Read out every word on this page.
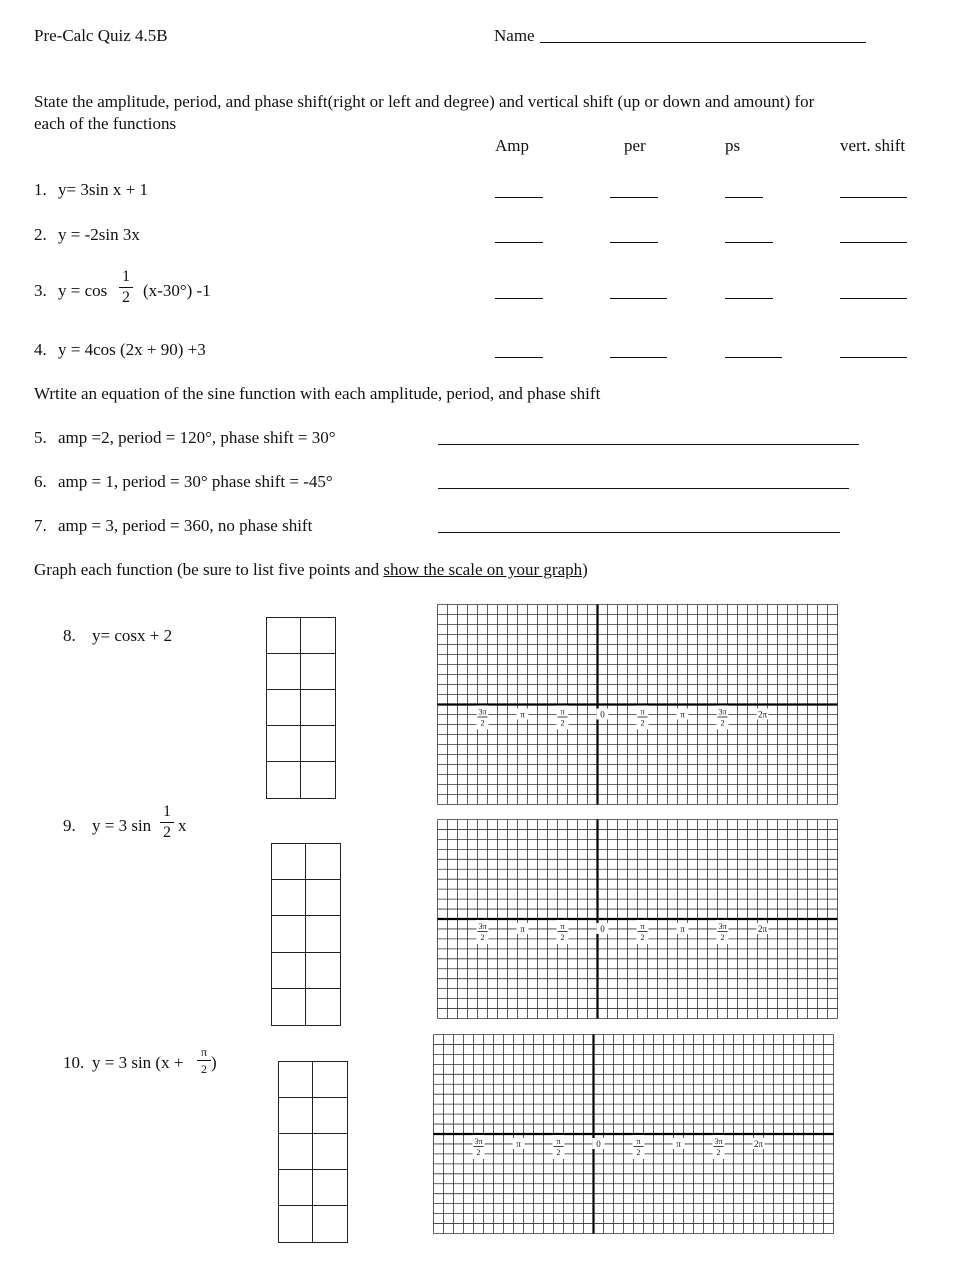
Pre-Calc Quiz 4.5B	Name
State the amplitude, period, and phase shift(right or left and degree) and vertical shift (up or down and amount) for
each of the functions
Amp	per	ps	vert. shift
1. y= 3sin x + 1
2. y = -2sin 3x
3. y = cos
1
2 (x-30°) -1
4. y = 4cos (2x + 90) +3
Wrtite an equation of the sine function with each amplitude, period, and phase shift
5. amp =2, period = 120°, phase shift = 30°
6. amp = 1, period = 30° phase shift = -45°
7. amp = 3, period = 360, no phase shift
Graph each function (be sure to list five points and show the scale on your graph)
8. y= cosx + 2
3π
2
π	π
2
0	π
2
π	3π
2
2π
9. y = 3 sin
1
2 x
3π
2
π	π
2
0	π
2
π	3π
2
2π
10. y = 3 sin (x +
π
2 )
3π
2
π	π
2
0	π
2
π	3π
2
2π
